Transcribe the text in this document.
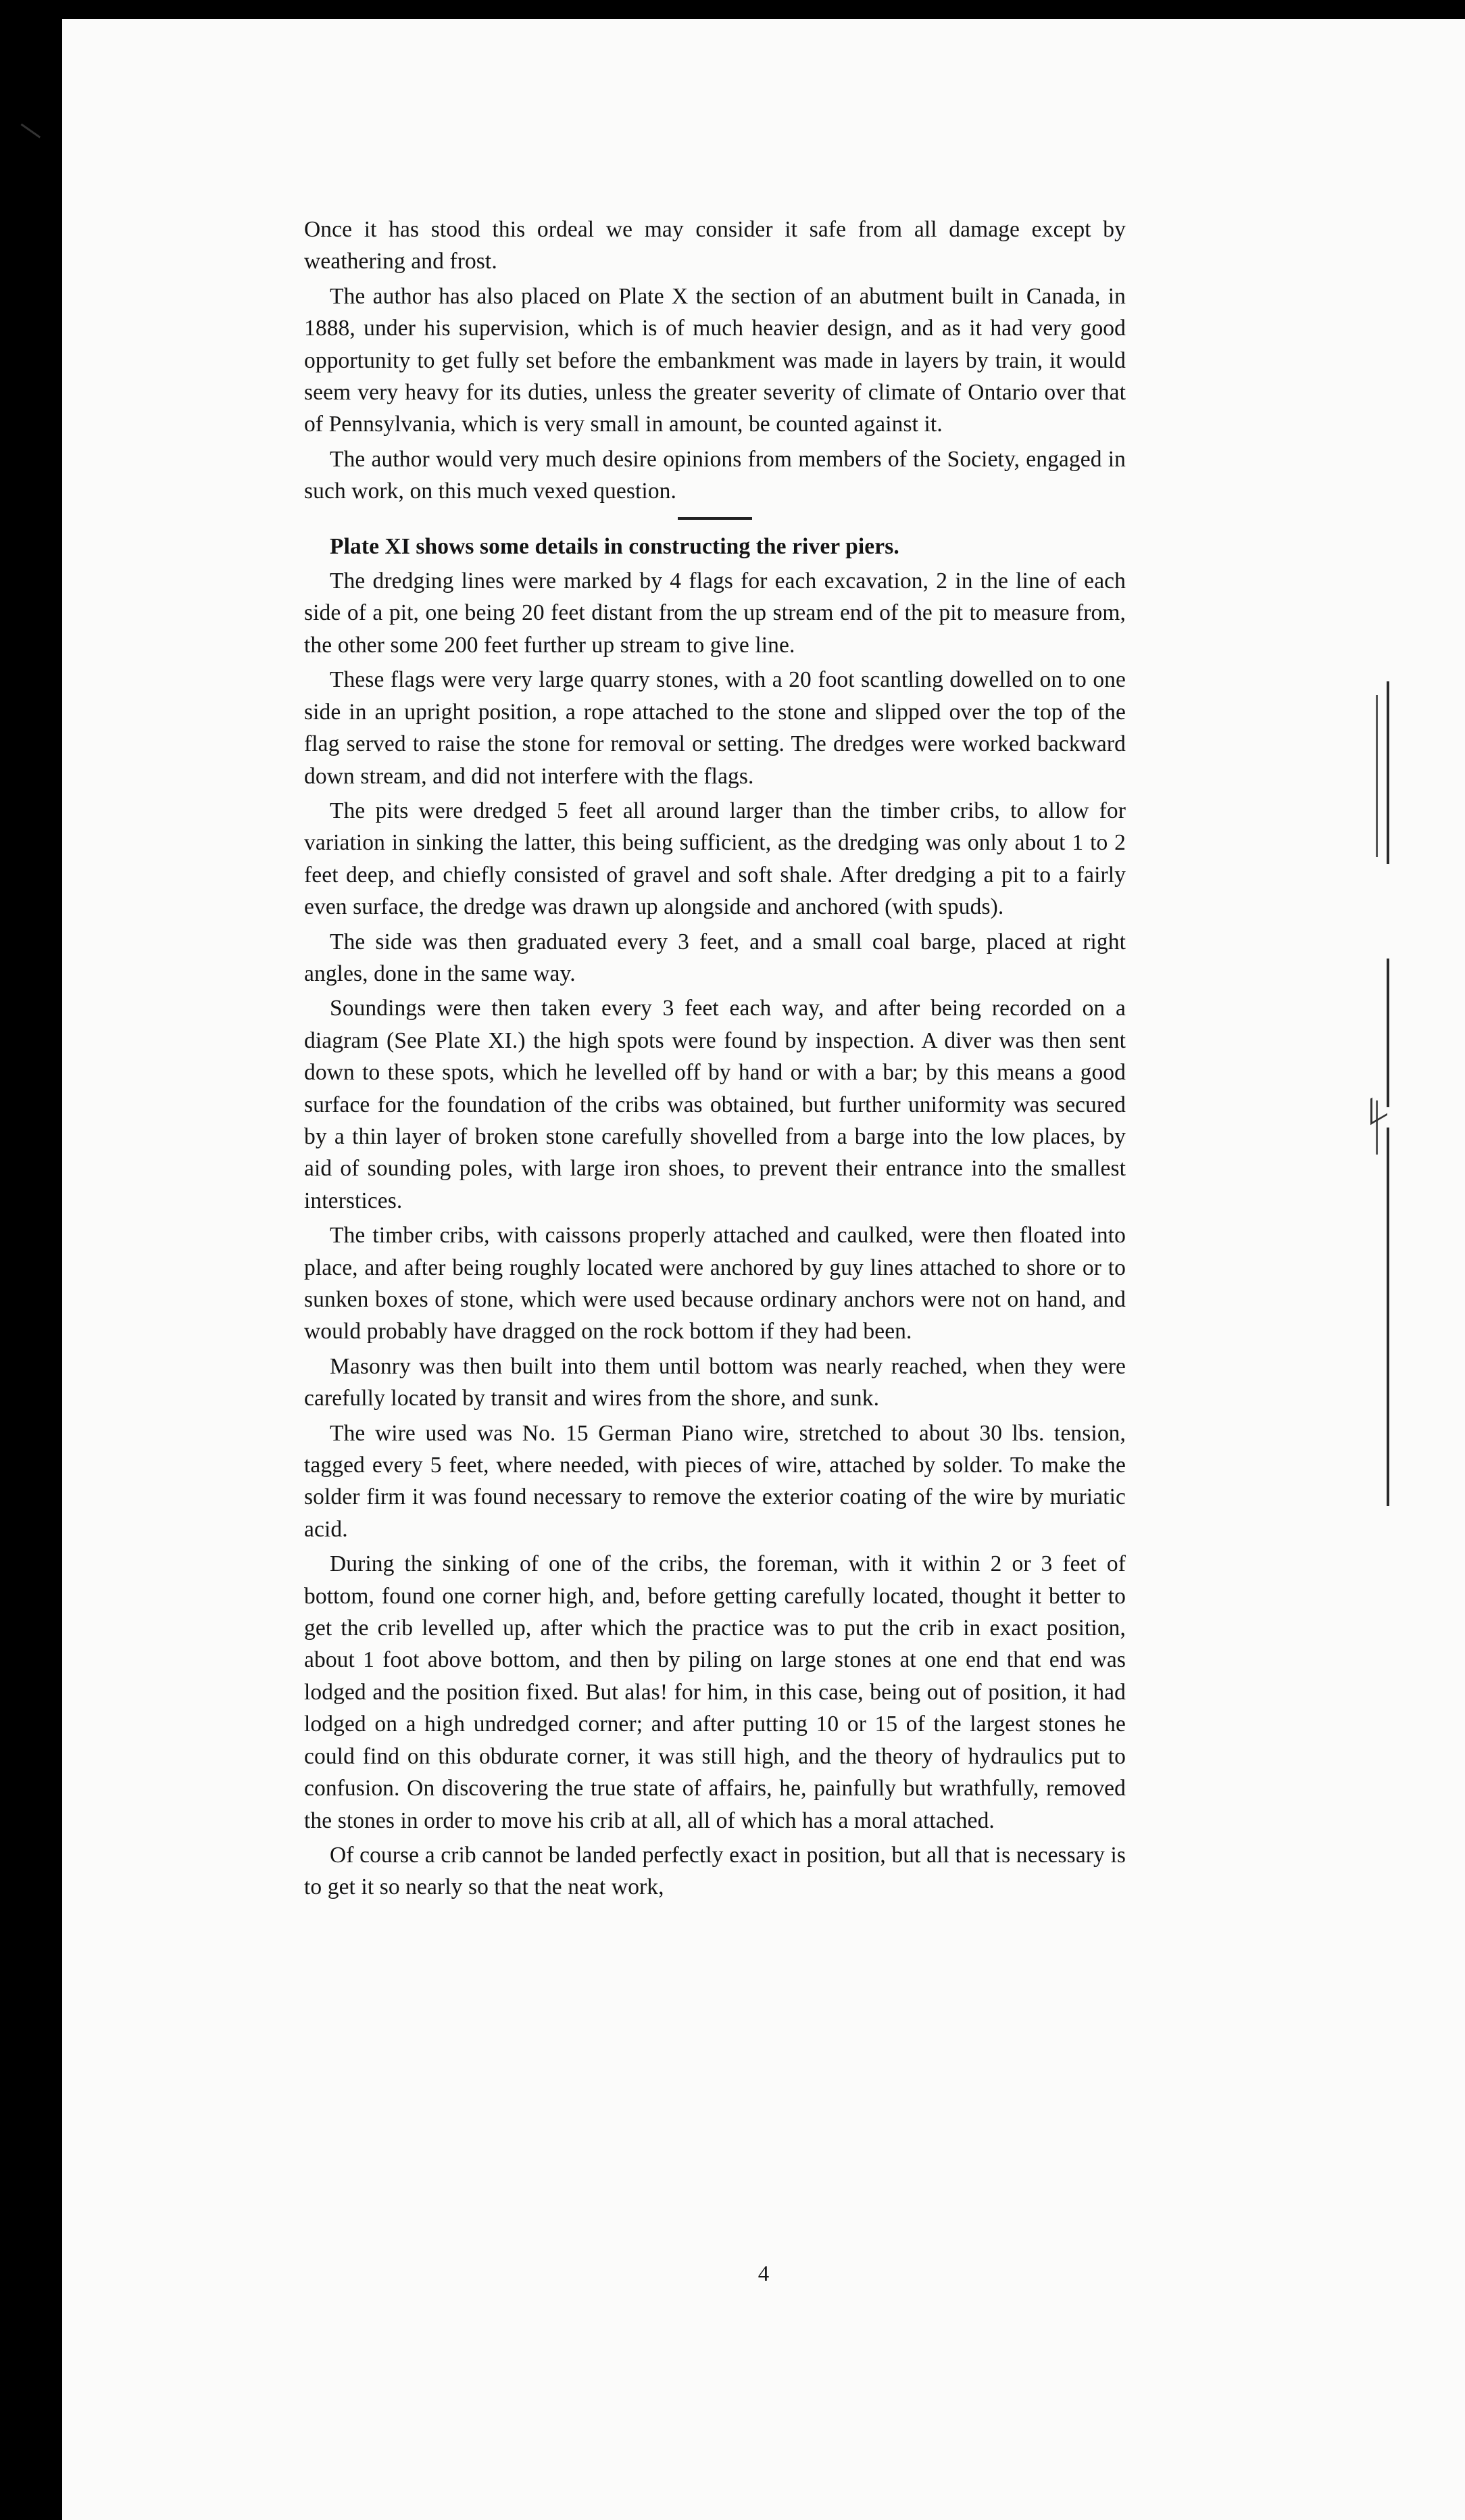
Once it has stood this ordeal we may consider it safe from all damage except by weathering and frost.

The author has also placed on Plate X the section of an abutment built in Canada, in 1888, under his supervision, which is of much heavier design, and as it had very good opportunity to get fully set before the embankment was made in layers by train, it would seem very heavy for its duties, unless the greater severity of climate of Ontario over that of Pennsylvania, which is very small in amount, be counted against it.

The author would very much desire opinions from members of the Society, engaged in such work, on this much vexed question.

Plate XI shows some details in constructing the river piers.

The dredging lines were marked by 4 flags for each excavation, 2 in the line of each side of a pit, one being 20 feet distant from the up stream end of the pit to measure from, the other some 200 feet further up stream to give line.

These flags were very large quarry stones, with a 20 foot scantling dowelled on to one side in an upright position, a rope attached to the stone and slipped over the top of the flag served to raise the stone for removal or setting. The dredges were worked backward down stream, and did not interfere with the flags.

The pits were dredged 5 feet all around larger than the timber cribs, to allow for variation in sinking the latter, this being sufficient, as the dredging was only about 1 to 2 feet deep, and chiefly consisted of gravel and soft shale. After dredging a pit to a fairly even surface, the dredge was drawn up alongside and anchored (with spuds).

The side was then graduated every 3 feet, and a small coal barge, placed at right angles, done in the same way.

Soundings were then taken every 3 feet each way, and after being recorded on a diagram (See Plate XI.) the high spots were found by inspection. A diver was then sent down to these spots, which he levelled off by hand or with a bar; by this means a good surface for the foundation of the cribs was obtained, but further uniformity was secured by a thin layer of broken stone carefully shovelled from a barge into the low places, by aid of sounding poles, with large iron shoes, to prevent their entrance into the smallest interstices.

The timber cribs, with caissons properly attached and caulked, were then floated into place, and after being roughly located were anchored by guy lines attached to shore or to sunken boxes of stone, which were used because ordinary anchors were not on hand, and would probably have dragged on the rock bottom if they had been.

Masonry was then built into them until bottom was nearly reached, when they were carefully located by transit and wires from the shore, and sunk.

The wire used was No. 15 German Piano wire, stretched to about 30 lbs. tension, tagged every 5 feet, where needed, with pieces of wire, attached by solder. To make the solder firm it was found necessary to remove the exterior coating of the wire by muriatic acid.

During the sinking of one of the cribs, the foreman, with it within 2 or 3 feet of bottom, found one corner high, and, before getting carefully located, thought it better to get the crib levelled up, after which the practice was to put the crib in exact position, about 1 foot above bottom, and then by piling on large stones at one end that end was lodged and the position fixed. But alas! for him, in this case, being out of position, it had lodged on a high undredged corner; and after putting 10 or 15 of the largest stones he could find on this obdurate corner, it was still high, and the theory of hydraulics put to confusion. On discovering the true state of affairs, he, painfully but wrathfully, removed the stones in order to move his crib at all, all of which has a moral attached.

Of course a crib cannot be landed perfectly exact in position, but all that is necessary is to get it so nearly so that the neat work,

4
